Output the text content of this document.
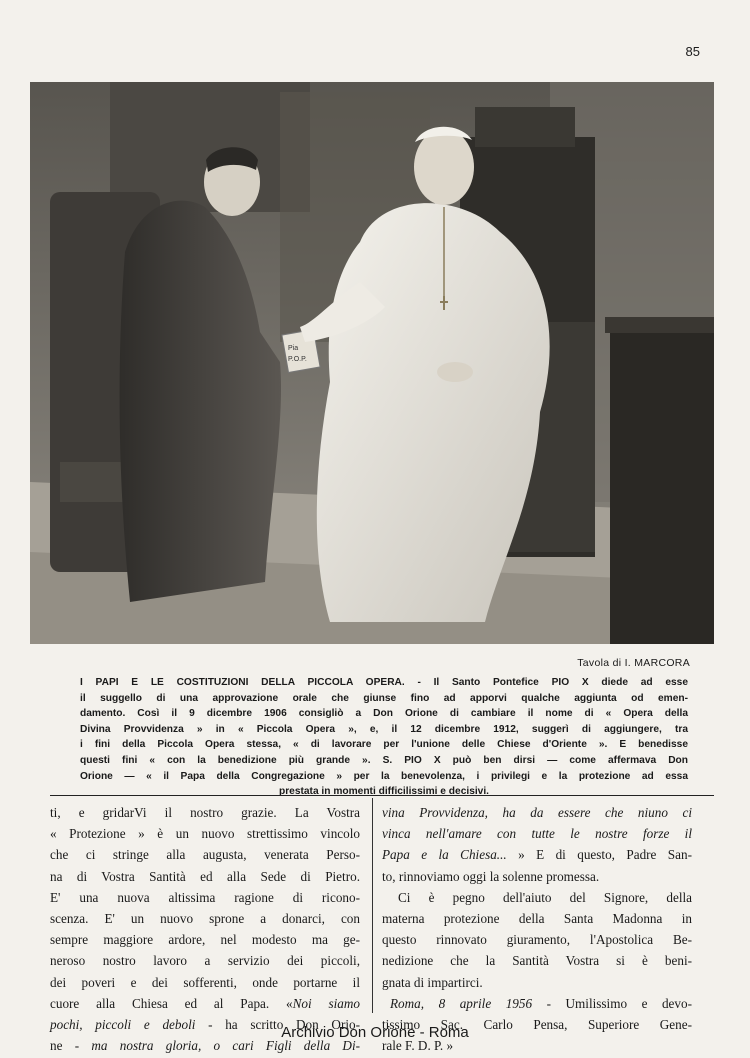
85
Pia
P.O.P.
Tavola di I. MARCORA
I PAPI E LE COSTITUZIONI DELLA PICCOLA OPERA. - Il Santo Pontefice PIO X diede ad esse
il suggello di una approvazione orale che giunse fino ad apporvi qualche aggiunta od emen-
damento. Così il 9 dicembre 1906 consigliò a Don Orione di cambiare il nome di « Opera della
Divina Provvidenza » in « Piccola Opera », e, il 12 dicembre 1912, suggerì di aggiungere, tra
i fini della Piccola Opera stessa, « di lavorare per l'unione delle Chiese d'Oriente ». E benedisse
questi fini « con la benedizione più grande ». S. PIO X può ben dirsi — come affermava Don
Orione — « il Papa della Congregazione » per la benevolenza, i privilegi e la protezione ad essa
prestata in momenti difficilissimi e decisivi.
ti, e gridarVi il nostro grazie. La Vostra
« Protezione » è un nuovo strettissimo vincolo
che ci stringe alla augusta, venerata Perso-
na di Vostra Santità ed alla Sede di Pietro.
E' una nuova altissima ragione di ricono-
scenza. E' un nuovo sprone a donarci, con
sempre maggiore ardore, nel modesto ma ge-
neroso nostro lavoro a servizio dei piccoli,
dei poveri e dei sofferenti, onde portarne il
cuore alla Chiesa ed al Papa. «Noi siamo
pochi, piccoli e deboli - ha scritto Don Orio-
ne - ma nostra gloria, o cari Figli della Di-
vina Provvidenza, ha da essere che niuno ci
vinca nell'amare con tutte le nostre forze il
Papa e la Chiesa... » E di questo, Padre San-
to, rinnoviamo oggi la solenne promessa.
Ci è pegno dell'aiuto del Signore, della
materna protezione della Santa Madonna in
questo rinnovato giuramento, l'Apostolica Be-
nedizione che la Santità Vostra si è beni-
gnata di impartirci.
Roma, 8 aprile 1956 - Umilissimo e devo-
tissimo Sac. Carlo Pensa, Superiore Gene-
rale F. D. P. »
Archivio Don Orione - Roma
